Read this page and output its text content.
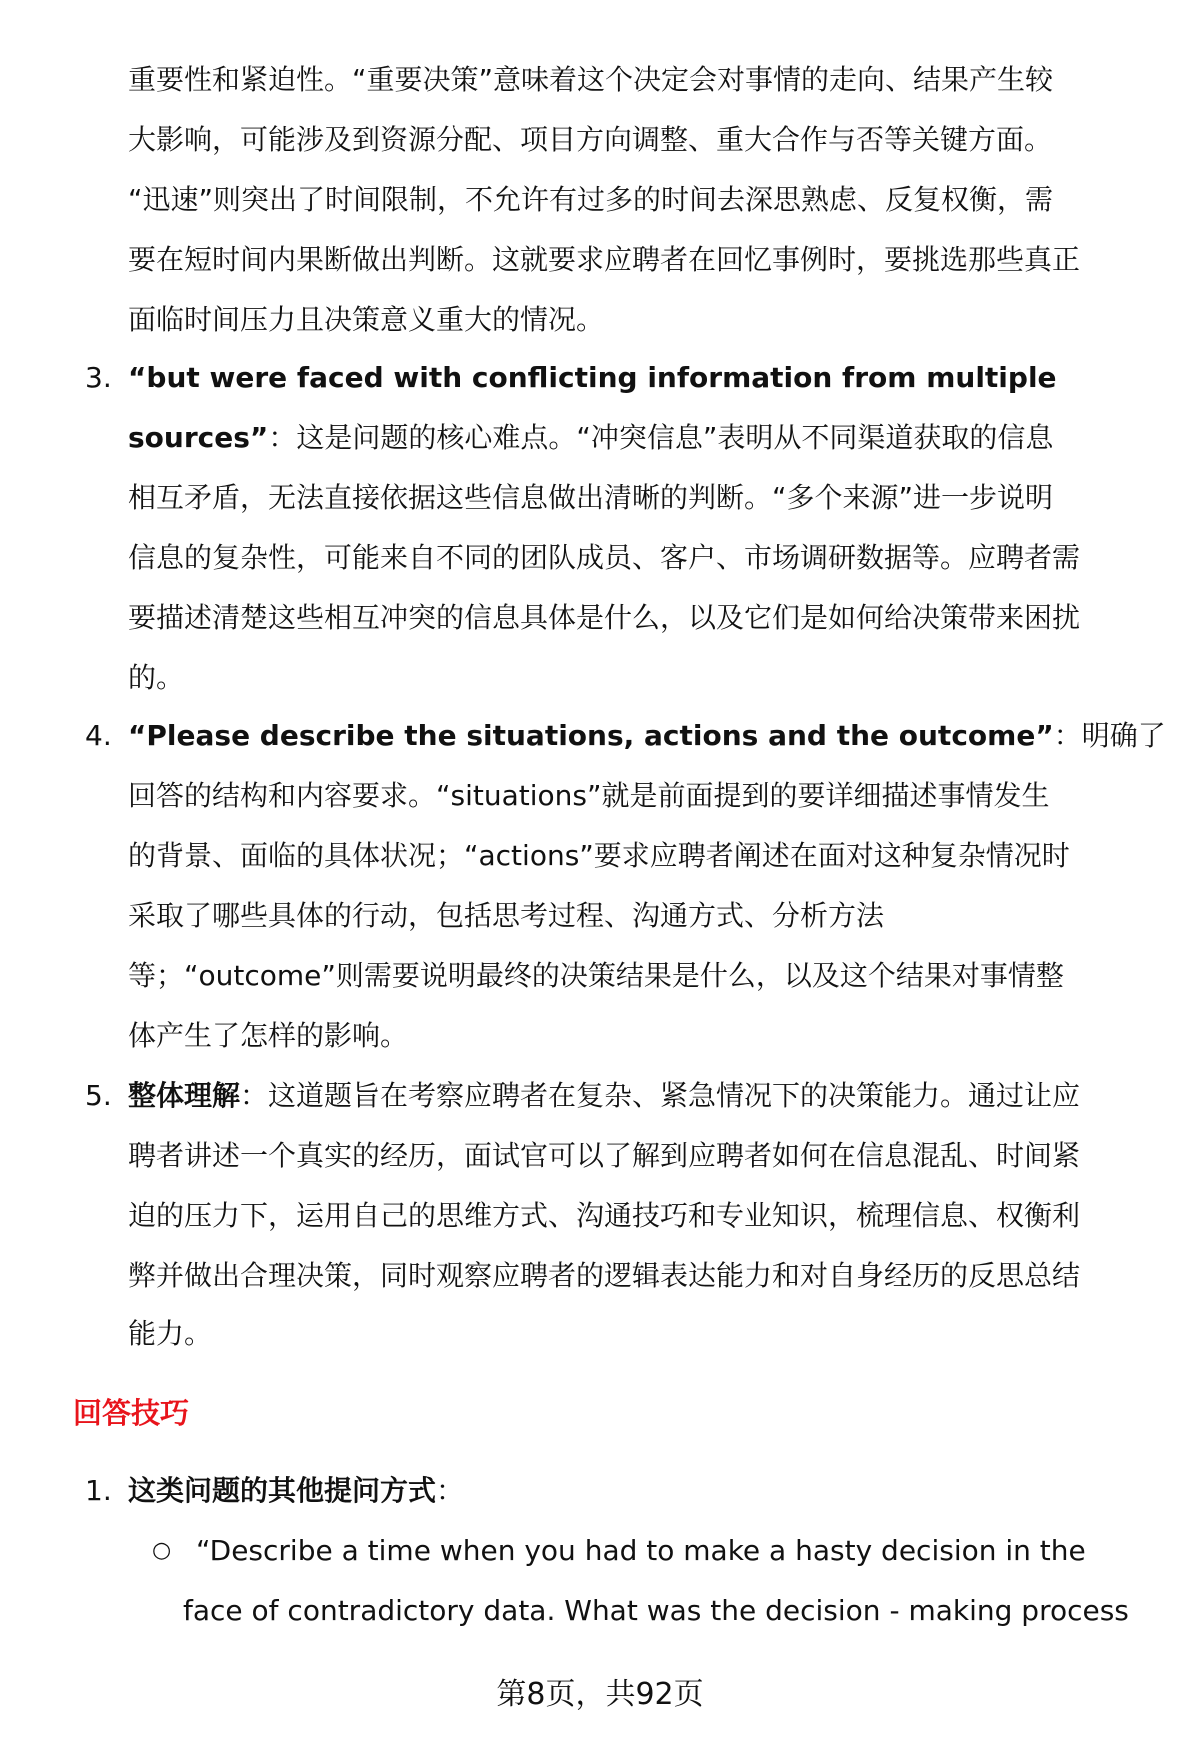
重要性和紧迫性。“重要决策”意味着这个决定会对事情的走向、结果产生较
大影响，可能涉及到资源分配、项目方向调整、重大合作与否等关键方面。
“迅速”则突出了时间限制，不允许有过多的时间去深思熟虑、反复权衡，需
要在短时间内果断做出判断。这就要求应聘者在回忆事例时，要挑选那些真正
面临时间压力且决策意义重大的情况。
3. “but were faced with conflicting information from multiple
sources”：这是问题的核心难点。“冲突信息”表明从不同渠道获取的信息
相互矛盾，无法直接依据这些信息做出清晰的判断。“多个来源”进一步说明
信息的复杂性，可能来自不同的团队成员、客户、市场调研数据等。应聘者需
要描述清楚这些相互冲突的信息具体是什么，以及它们是如何给决策带来困扰
的。
4. “Please describe the situations, actions and the outcome”：明确了
回答的结构和内容要求。“situations”就是前面提到的要详细描述事情发生
的背景、面临的具体状况；“actions”要求应聘者阐述在面对这种复杂情况时
采取了哪些具体的行动，包括思考过程、沟通方式、分析方法
等；“outcome”则需要说明最终的决策结果是什么，以及这个结果对事情整
体产生了怎样的影响。
5. 整体理解：这道题旨在考察应聘者在复杂、紧急情况下的决策能力。通过让应
聘者讲述一个真实的经历，面试官可以了解到应聘者如何在信息混乱、时间紧
迫的压力下，运用自己的思维方式、沟通技巧和专业知识，梳理信息、权衡利
弊并做出合理决策，同时观察应聘者的逻辑表达能力和对自身经历的反思总结
能力。
回答技巧
1. 这类问题的其他提问方式：
○ “Describe a time when you had to make a hasty decision in the
face of contradictory data. What was the decision - making process
第8页，共92页
